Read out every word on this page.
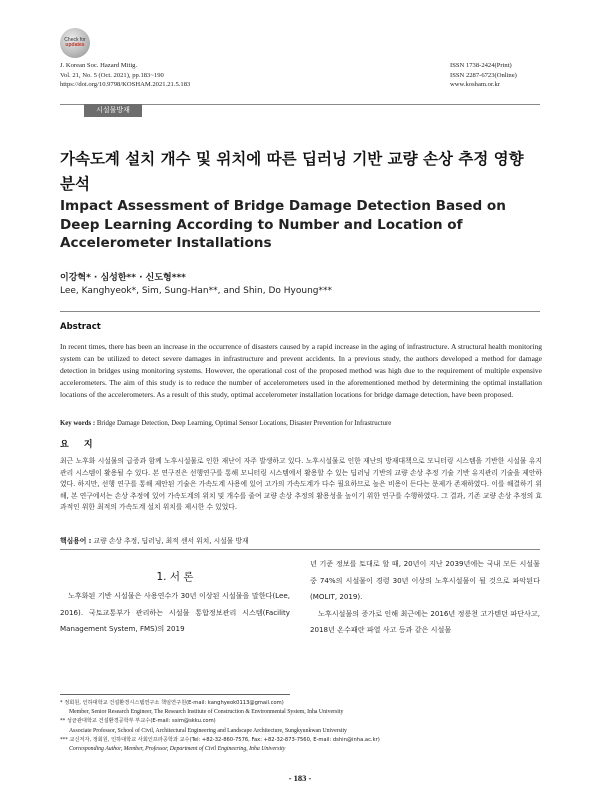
Check for
updates
J. Korean Soc. Hazard Mitig.
Vol. 21, No. 5 (Oct. 2021), pp.183~190
https://doi.org/10.9798/KOSHAM.2021.21.5.183
ISSN 1738-2424(Print)
ISSN 2287-6723(Online)
www.kosham.or.kr
시설물방재
가속도계 설치 개수 및 위치에 따른 딥러닝 기반 교량 손상 추정 영향 분석
Impact Assessment of Bridge Damage Detection Based on Deep Learning According to Number and Location of Accelerometer Installations
이강혁* · 심성한** · 신도형***
Lee, Kanghyeok*, Sim, Sung-Han**, and Shin, Do Hyoung***
Abstract
In recent times, there has been an increase in the occurrence of disasters caused by a rapid increase in the aging of infrastructure. A structural health monitoring system can be utilized to detect severe damages in infrastructure and prevent accidents. In a previous study, the authors developed a method for damage detection in bridges using monitoring systems. However, the operational cost of the proposed method was high due to the requirement of multiple expensive accelerometers. The aim of this study is to reduce the number of accelerometers used in the aforementioned method by determining the optimal installation locations of the accelerometers. As a result of this study, optimal accelerometer installation locations for bridge damage detection, have been proposed.
Key words : Bridge Damage Detection, Deep Learning, Optimal Sensor Locations, Disaster Prevention for Infrastructure
요 지
최근 노후화 시설물의 급증과 함께 노후시설물로 인한 재난이 자주 발생하고 있다. 노후시설물로 인한 재난의 방재대책으로 모니터링 시스템을 기반한 시설물 유지관리 시스템이 활용될 수 있다. 본 연구진은 선행연구를 통해 모니터링 시스템에서 활용할 수 있는 딥러닝 기반의 교량 손상 추정 기술 기반 유지관리 기술을 제안하였다. 하지만, 선행 연구를 통해 제안된 기술은 가속도계 사용에 있어 고가의 가속도계가 다수 필요하므로 높은 비용이 든다는 문제가 존재하였다. 이를 해결하기 위해, 본 연구에서는 손상 추정에 있어 가속도계의 위치 및 개수를 줄여 교량 손상 추정의 활용성을 높이기 위한 연구를 수행하였다. 그 결과, 기존 교량 손상 추정의 효과적인 위한 최적의 가속도계 설치 위치를 제시한 수 있었다.
핵심용어 : 교량 손상 추정, 딥러닝, 최적 센서 위치, 시설물 방재
1. 서 론
노후화된 기반 시설물은 사용연수가 30년 이상된 시설물을 말한다(Lee, 2016). 국토교통부가 관리하는 시설물 통합정보관리 시스템(Facility Management System, FMS)의 2019

년 기준 정보를 토대로 할 때, 20년이 지난 2039년에는 국내 모든 시설물 중 74%의 시설물이 경령 30년 이상의 노후시설물이 될 것으로 파악된다(MOLIT, 2019).

노후시설물의 증가로 인해 최근에는 2016년 정릉천 고가텐던 파단사고, 2018년 온수패란 파열 사고 등과 같은 시설물

* 정회원, 인하대학교 건설환경시스템연구소 책임연구원(E-mail: kanghyeok0113@gmail.com)
Member, Senior Research Engineer, The Research Institute of Construction & Environmental System, Inha University
** 성균관대학교 건설환경공학부 부교수(E-mail: ssim@skku.com)
Associate Professor, School of Civil, Architectural Engineering and Landscape Architecture, Sungkyunkwan University
*** 교신저자, 정회원, 인하대학교 사회인프라공학과 교수(Tel: +82-32-860-7576, Fax: +82-32-873-7560, E-mail: dshin@inha.ac.kr)
Corresponding Author, Member, Professor, Department of Civil Engineering, Inha University
- 183 -
